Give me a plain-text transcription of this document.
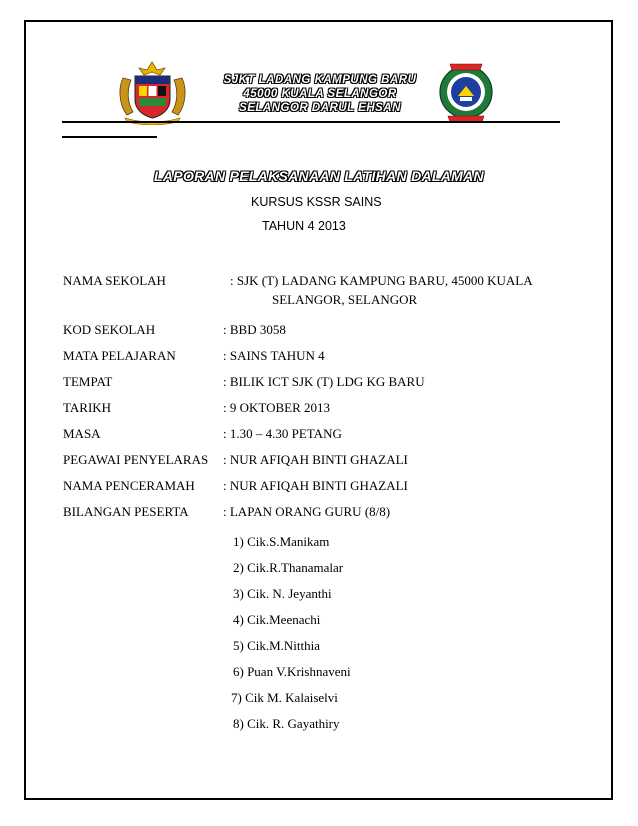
SJKT LADANG KAMPUNG BARU
45000 KUALA SELANGOR
SELANGOR DARUL EHSAN
LAPORAN PELAKSANAAN LATIHAN DALAMAN
KURSUS KSSR SAINS
TAHUN 4 2013
NAMA SEKOLAH	: SJK (T) LADANG KAMPUNG BARU, 45000 KUALA
SELANGOR, SELANGOR
KOD SEKOLAH	: BBD 3058
MATA PELAJARAN	: SAINS TAHUN 4
TEMPAT	: BILIK ICT SJK (T) LDG KG BARU
TARIKH	: 9 OKTOBER 2013
MASA	: 1.30 – 4.30 PETANG
PEGAWAI PENYELARAS : NUR AFIQAH BINTI GHAZALI
NAMA PENCERAMAH : NUR AFIQAH BINTI GHAZALI
BILANGAN PESERTA	: LAPAN ORANG GURU (8/8)
1) Cik.S.Manikam
2) Cik.R.Thanamalar
3) Cik. N. Jeyanthi
4) Cik.Meenachi
5) Cik.M.Nitthia
6) Puan V.Krishnaveni
7) Cik M. Kalaiselvi
8) Cik. R. Gayathiry
